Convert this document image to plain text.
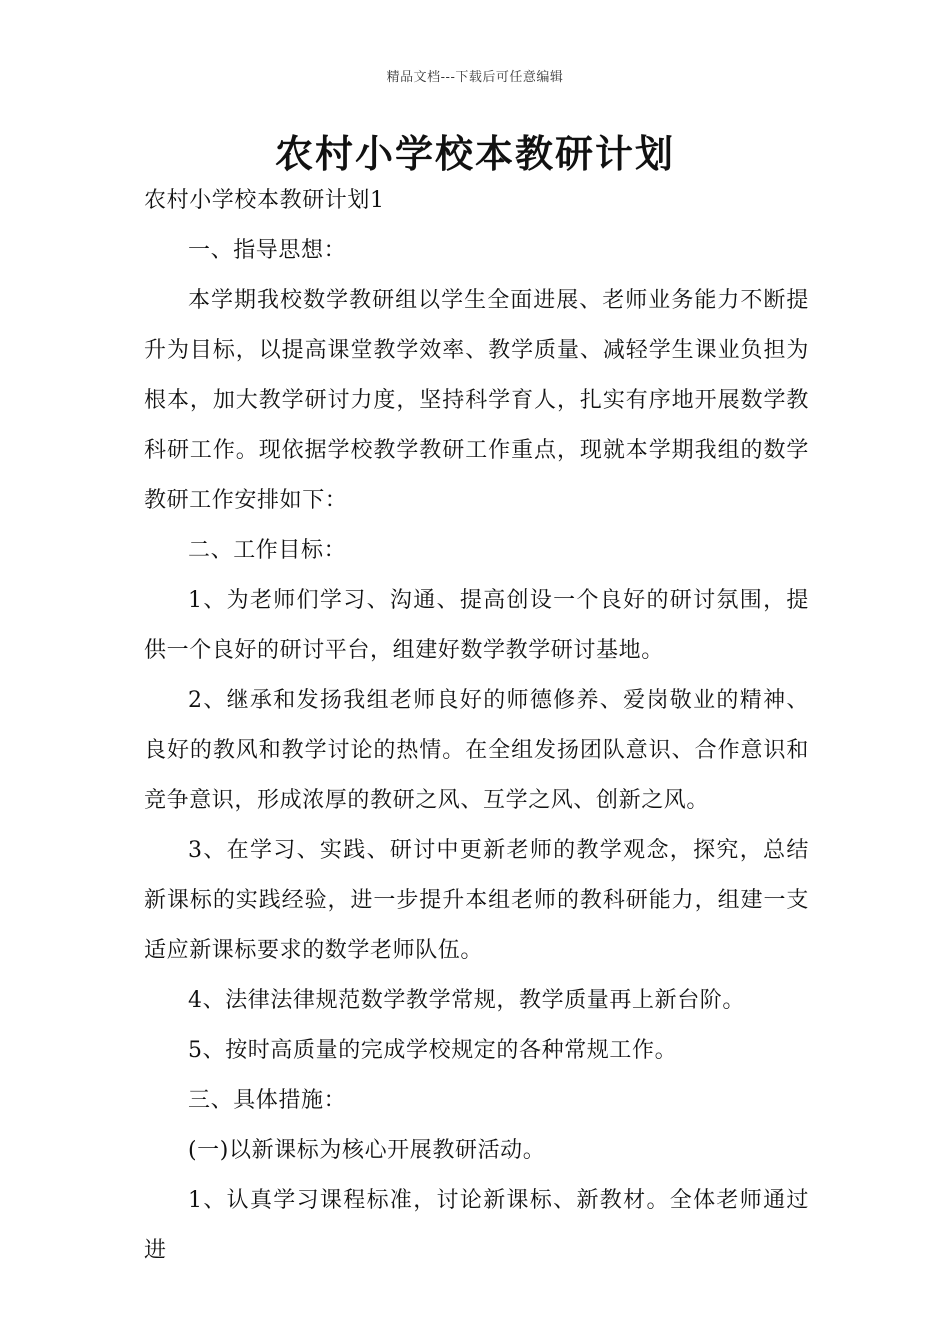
精品文档---下载后可任意编辑
农村小学校本教研计划

农村小学校本教研计划1

一、指导思想：

本学期我校数学教研组以学生全面进展、老师业务能力不断提升为目标，以提高课堂教学效率、教学质量、减轻学生课业负担为根本，加大教学研讨力度，坚持科学育人，扎实有序地开展数学教科研工作。现依据学校教学教研工作重点，现就本学期我组的数学教研工作安排如下：

二、工作目标：

1、为老师们学习、沟通、提高创设一个良好的研讨氛围，提供一个良好的研讨平台，组建好数学教学研讨基地。

2、继承和发扬我组老师良好的师德修养、爱岗敬业的精神、良好的教风和教学讨论的热情。在全组发扬团队意识、合作意识和竞争意识，形成浓厚的教研之风、互学之风、创新之风。

3、在学习、实践、研讨中更新老师的教学观念，探究，总结新课标的实践经验，进一步提升本组老师的教科研能力，组建一支适应新课标要求的数学老师队伍。

4、法律法律规范数学教学常规，教学质量再上新台阶。

5、按时高质量的完成学校规定的各种常规工作。

三、具体措施：

(一)以新课标为核心开展教研活动。

1、认真学习课程标准，讨论新课标、新教材。全体老师通过进
